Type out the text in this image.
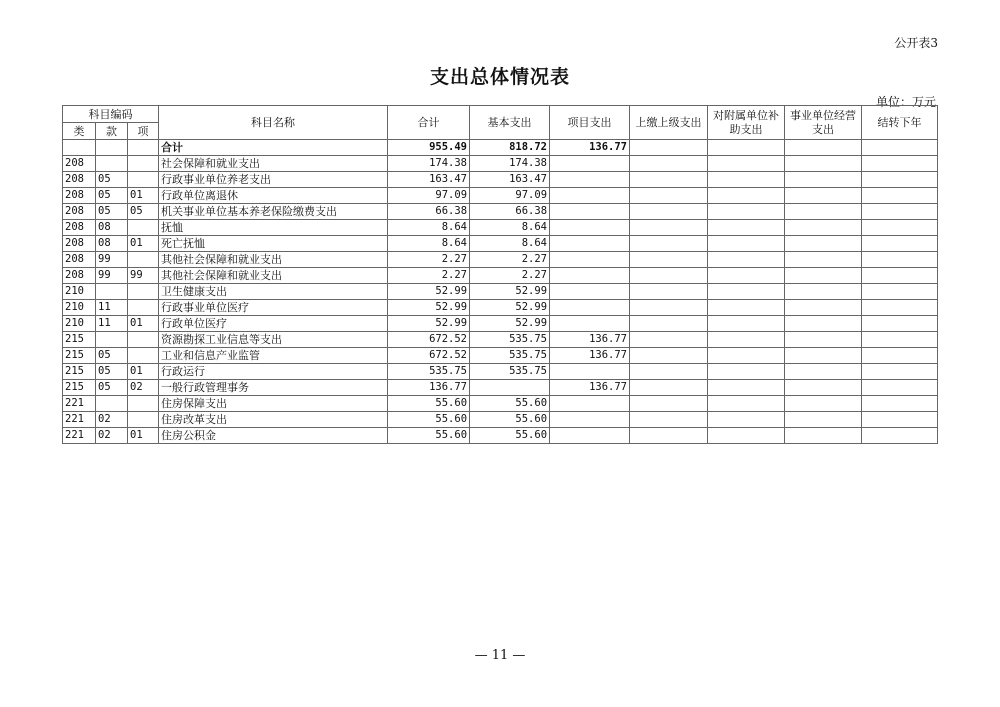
公开表3
支出总体情况表
单位：万元
科目编码			科目名称	合计	基本支出	项目支出	上缴上级支出	对附属单位补助支出	事业单位经营支出	结转下年
类	款	项								
			合计	955.49	818.72	136.77				
208			社会保障和就业支出	174.38	174.38					
208	05		行政事业单位养老支出	163.47	163.47					
208	05	01	行政单位离退休	97.09	97.09					
208	05	05	机关事业单位基本养老保险缴费支出	66.38	66.38					
208	08		抚恤	8.64	8.64					
208	08	01	死亡抚恤	8.64	8.64					
208	99		其他社会保障和就业支出	2.27	2.27					
208	99	99	其他社会保障和就业支出	2.27	2.27					
210			卫生健康支出	52.99	52.99					
210	11		行政事业单位医疗	52.99	52.99					
210	11	01	行政单位医疗	52.99	52.99					
215			资源勘探工业信息等支出	672.52	535.75	136.77				
215	05		工业和信息产业监管	672.52	535.75	136.77				
215	05	01	行政运行	535.75	535.75					
215	05	02	一般行政管理事务	136.77		136.77				
221			住房保障支出	55.60	55.60					
221	02		住房改革支出	55.60	55.60					
221	02	01	住房公积金	55.60	55.60					
— 11 —
